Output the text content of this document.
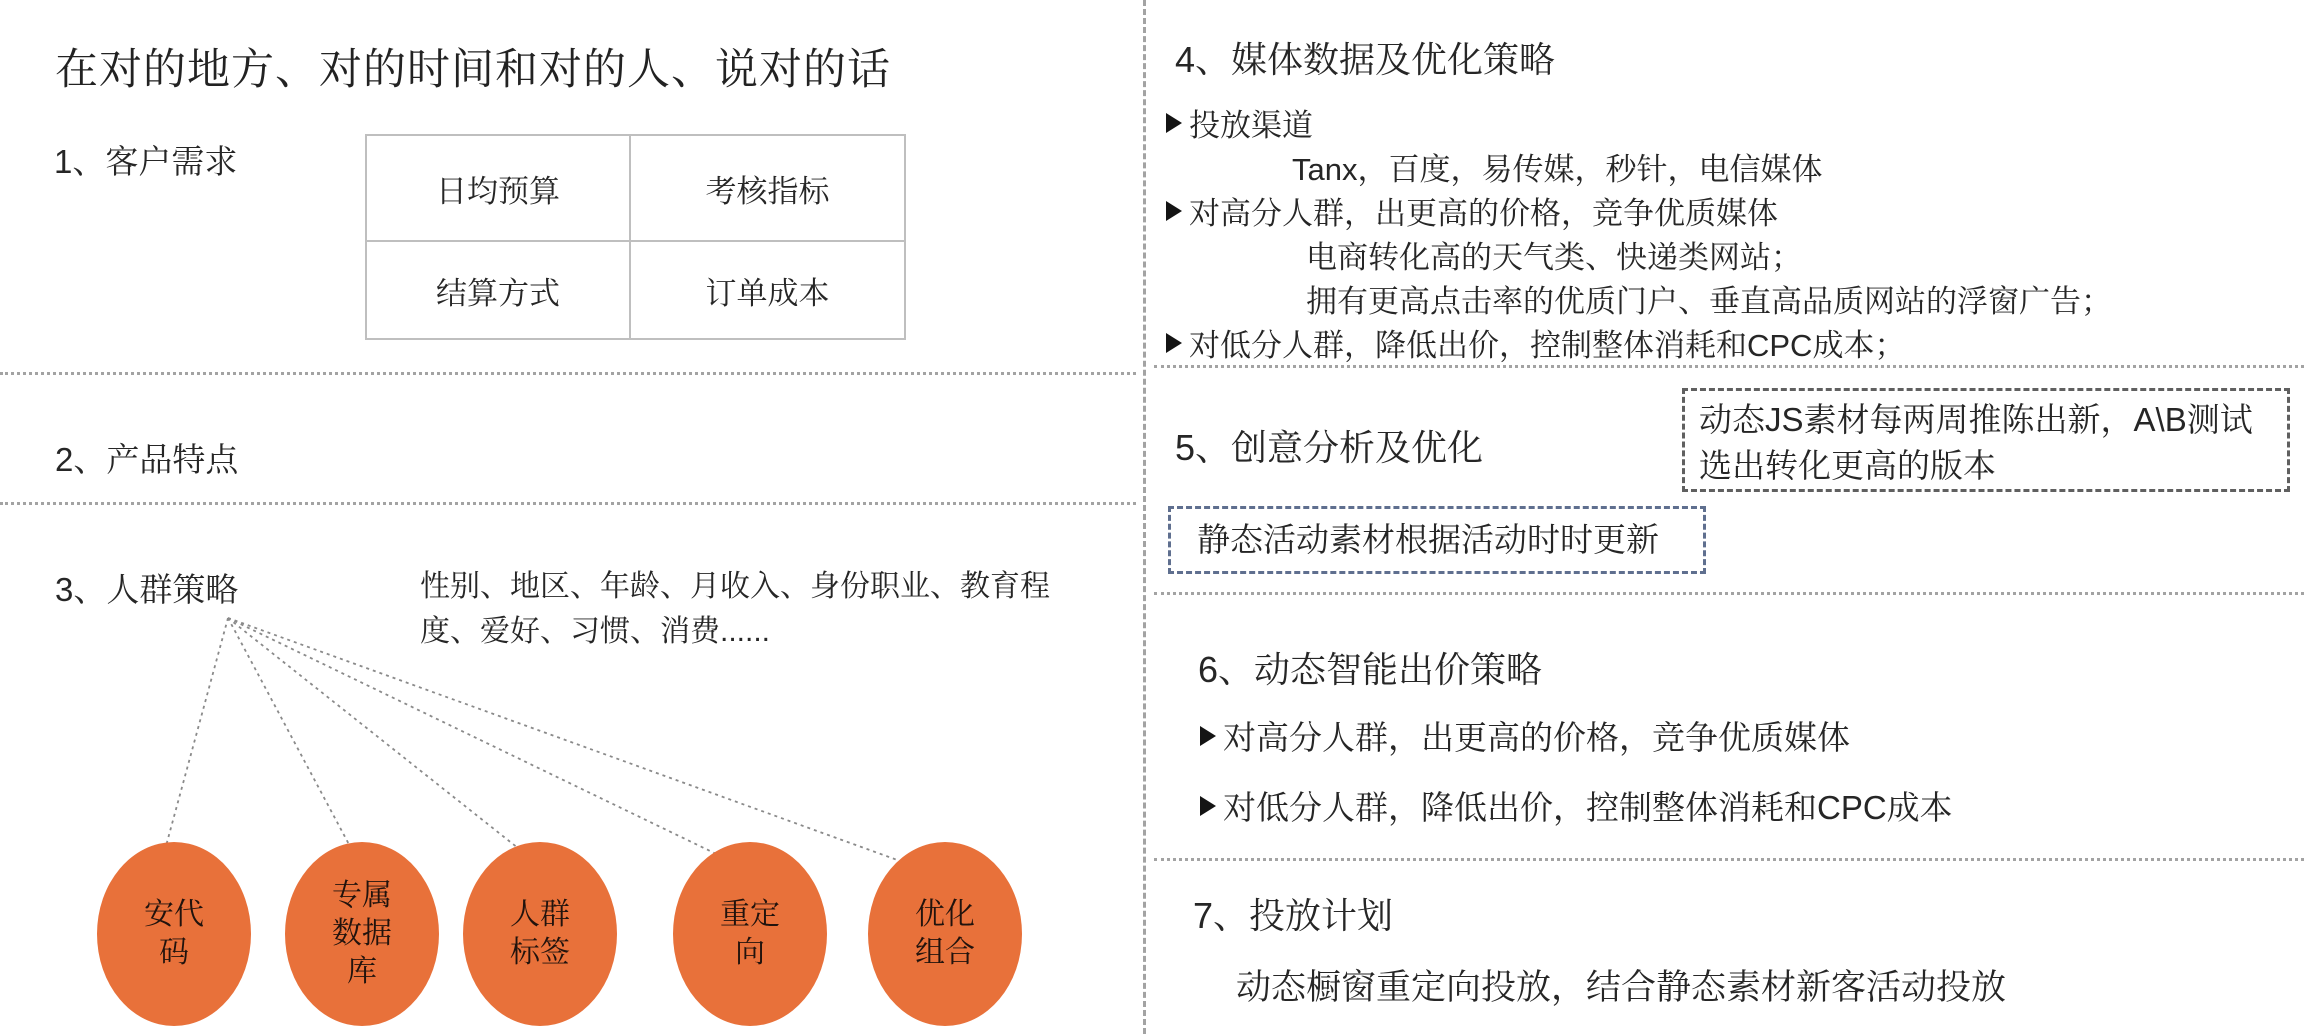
在对的地方、对的时间和对的人、说对的话
1、客户需求
日均预算	考核指标
结算方式	订单成本
2、产品特点
3、人群策略	性别、地区、年龄、月收入、身份职业、教育程度、爱好、习惯、消费......
安代
码
专属
数据
库
人群
标签
重定
向
优化
组合
4、媒体数据及优化策略
投放渠道
Tanx，百度，易传媒，秒针，电信媒体
对高分人群，出更高的价格，竞争优质媒体
电商转化高的天气类、快递类网站；
拥有更高点击率的优质门户、垂直高品质网站的浮窗广告；
对低分人群，降低出价，控制整体消耗和CPC成本；
5、创意分析及优化
动态JS素材每两周推陈出新，A\B测试选出转化更高的版本
静态活动素材根据活动时时更新
6、动态智能出价策略
对高分人群，出更高的价格，竞争优质媒体
对低分人群，降低出价，控制整体消耗和CPC成本
7、投放计划
动态橱窗重定向投放，结合静态素材新客活动投放
